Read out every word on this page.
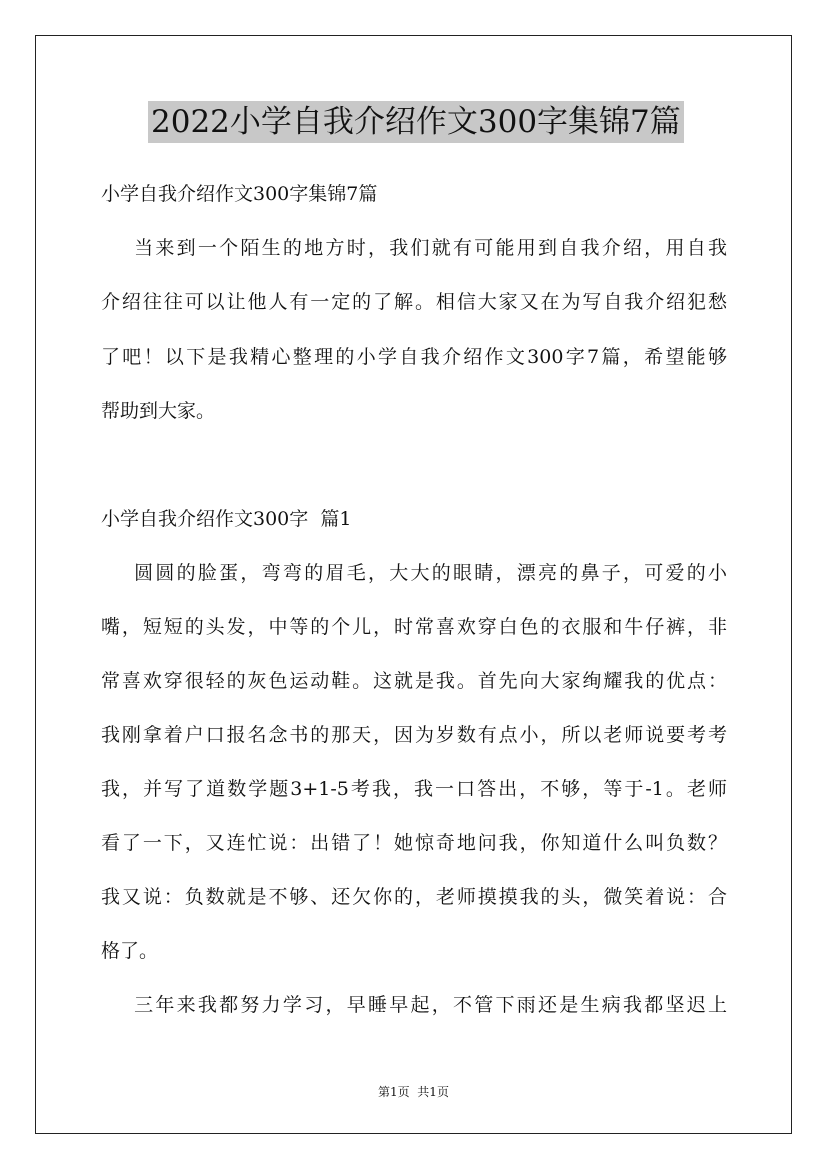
2022小学自我介绍作文300字集锦7篇
小学自我介绍作文300字集锦7篇
当来到一个陌生的地方时，我们就有可能用到自我介绍，用自我
介绍往往可以让他人有一定的了解。相信大家又在为写自我介绍犯愁
了吧！以下是我精心整理的小学自我介绍作文300字7篇，希望能够
帮助到大家。
小学自我介绍作文300字  篇1
圆圆的脸蛋，弯弯的眉毛，大大的眼睛，漂亮的鼻子，可爱的小
嘴，短短的头发，中等的个儿，时常喜欢穿白色的衣服和牛仔裤，非
常喜欢穿很轻的灰色运动鞋。这就是我。首先向大家绚耀我的优点：
我刚拿着户口报名念书的那天，因为岁数有点小，所以老师说要考考
我，并写了道数学题3+1-5考我，我一口答出，不够，等于-1。老师
看了一下，又连忙说：出错了！她惊奇地问我，你知道什么叫负数？
我又说：负数就是不够、还欠你的，老师摸摸我的头，微笑着说：合
格了。
三年来我都努力学习，早睡早起，不管下雨还是生病我都坚迟上
第1页  共1页
